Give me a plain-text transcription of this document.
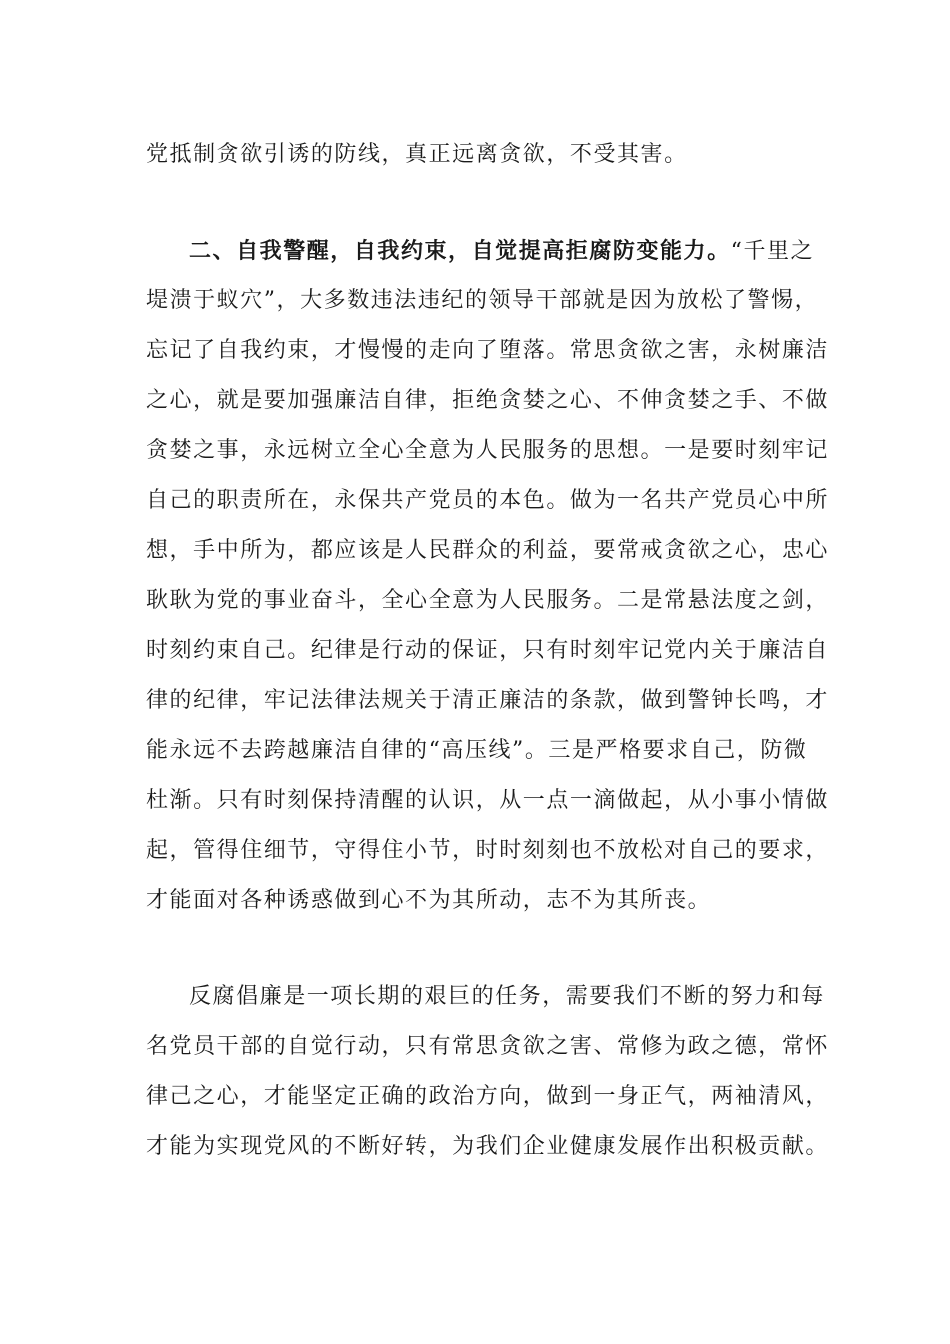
党抵制贪欲引诱的防线，真正远离贪欲，不受其害。
二、自我警醒，自我约束，自觉提高拒腐防变能力。“千里之
堤溃于蚁穴”，大多数违法违纪的领导干部就是因为放松了警惕，
忘记了自我约束，才慢慢的走向了堕落。常思贪欲之害，永树廉洁
之心，就是要加强廉洁自律，拒绝贪婪之心、不伸贪婪之手、不做
贪婪之事，永远树立全心全意为人民服务的思想。一是要时刻牢记
自己的职责所在，永保共产党员的本色。做为一名共产党员心中所
想，手中所为，都应该是人民群众的利益，要常戒贪欲之心，忠心
耿耿为党的事业奋斗，全心全意为人民服务。二是常悬法度之剑，
时刻约束自己。纪律是行动的保证，只有时刻牢记党内关于廉洁自
律的纪律，牢记法律法规关于清正廉洁的条款，做到警钟长鸣，才
能永远不去跨越廉洁自律的“高压线”。三是严格要求自己，防微
杜渐。只有时刻保持清醒的认识，从一点一滴做起，从小事小情做
起，管得住细节，守得住小节，时时刻刻也不放松对自己的要求，
才能面对各种诱惑做到心不为其所动，志不为其所丧。
反腐倡廉是一项长期的艰巨的任务，需要我们不断的努力和每
名党员干部的自觉行动，只有常思贪欲之害、常修为政之德，常怀
律己之心，才能坚定正确的政治方向，做到一身正气，两袖清风，
才能为实现党风的不断好转，为我们企业健康发展作出积极贡献。
